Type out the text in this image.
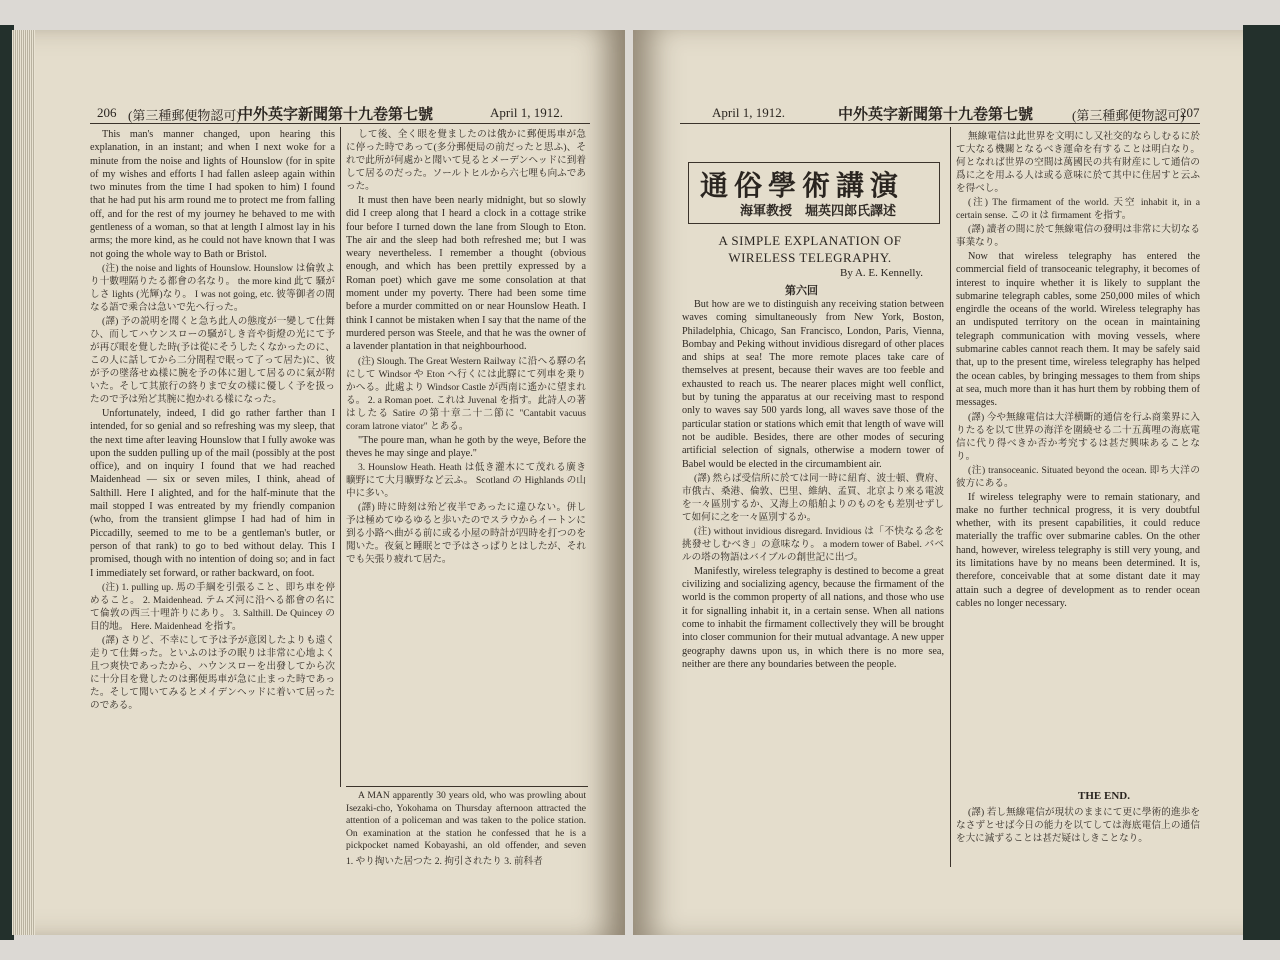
206 (第三種郵便物認可)
中外英字新聞第十九卷第七號	April 1, 1912.

This man's manner changed, upon hearing this explanation, in an instant; and when I next woke for a minute from the noise and lights of Hounslow (for in spite of my wishes and efforts I had fallen asleep again within two minutes from the time I had spoken to him) I found that he had put his arm round me to protect me from falling off, and for the rest of my journey he behaved to me with gentleness of a woman, so that at length I almost lay in his arms; the more kind, as he could not have known that I was not going the whole way to Bath or Bristol.

(注) the noise and lights of Hounslow. Hounslow は倫敦より十數哩隔りたる都會の名なり。 the more kind 此て 騒がしさ lights (光輝)なり。 I was not going, etc. 彼等御者の間なる語で乘合は急いで先へ行った。

(譯) 予の説明を聞くと急ち此人の態度が一變して仕舞ひ、而してハウンスローの騒がしき音や街燈の光にて予が再び眼を覺した時(予は從にそうしたくなかったのに、この人に話してから二分間程で眠って了って居た)に、彼が予の墜落せぬ樣に腕を予の体に廻して居るのに氣が附いた。そして其旅行の終りまで女の樣に優しく予を扱ったので予は殆ど其腕に抱かれる樣になった。

Unfortunately, indeed, I did go rather farther than I intended, for so genial and so refreshing was my sleep, that the next time after leaving Hounslow that I fully awoke was upon the sudden pulling up of the mail (possibly at the post office), and on inquiry I found that we had reached Maidenhead — six or seven miles, I think, ahead of Salthill. Here I alighted, and for the half-minute that the mail stopped I was entreated by my friendly companion (who, from the transient glimpse I had had of him in Piccadilly, seemed to me to be a gentleman's butler, or person of that rank) to go to bed without delay. This I promised, though with no intention of doing so; and in fact I immediately set forward, or rather backward, on foot.

(注) 1. pulling up. 馬の手綱を引張ること、即ち車を停めること。 2. Maidenhead. テムズ河に沿へる都會の名にて倫敦の西三十哩許りにあり。 3. Salthill. De Quincey の目的地。 Here. Maidenhead を指す。

(譯) さりど、不幸にして予は予が意図したよりも遠く走りて仕舞った。といふのは予の眠りは非常に心地よく且つ爽快であったから、ハウンスローを出發してから次に十分目を覺したのは郵便馬車が急に止まった時であった。そして聞いてみるとメイデンヘッドに着いて居ったのである。

して後、全く眼を覺ましたのは俄かに郵便馬車が急に停った時であって(多分郵便局の前だったと思ふ)、それで此所が何處かと聞いて見るとメーデンヘッドに到着して居るのだった。ソールトヒルから六七哩も向ふであった。

It must then have been nearly midnight, but so slowly did I creep along that I heard a clock in a cottage strike four before I turned down the lane from Slough to Eton. The air and the sleep had both refreshed me; but I was weary nevertheless. I remember a thought (obvious enough, and which has been prettily expressed by a Roman poet) which gave me some consolation at that moment under my poverty. There had been some time before a murder committed on or near Hounslow Heath. I think I cannot be mistaken when I say that the name of the murdered person was Steele, and that he was the owner of a lavender plantation in that neighbourhood.

(注) Slough. The Great Western Railway に沿へる驛の名にして Windsor や Eton へ行くには此驛にて列車を乗りかへる。此處より Windsor Castle が西南に遙かに望まれる。 2. a Roman poet. これは Juvenal を指す。此詩人の著はしたる Satire の第十章二十二節に "Cantabit vacuus coram latrone viator" とある。

"The poure man, whan he goth by the weye, Before the theves he may singe and playe."

3. Hounslow Heath. Heath は低き灌木にて茂れる廣き曠野にて大月曠野など云ふ。 Scotland の Highlands の山中に多い。

(譯) 時に時刻は殆ど夜半であったに違ひない。併し予は極めてゆるゆると歩いたのでスラウからイートンに到る小路へ曲がる前に或る小屋の時計が四時を打つのを聞いた。夜氣と睡眠とで予はさっぱりとはしたが、それでも矢張り疲れて居た。

A MAN apparently 30 years old, who was prowling about Isezaki-cho, Yokohama on Thursday afternoon attracted the attention of a policeman and was taken to the police station. On examination at the station he confessed that he is a pickpocket named Kobayashi, an old offender, and seven

1. やり掏いた居つた 2. 拘引されたり 3. 前科者
April 1, 1912.	中外英字新聞第十九卷第七號	(第三種郵便物認可)
207
通俗學術講演
海軍教授　堀英四郎氏譯述
A SIMPLE EXPLANATION OF
WIRELESS TELEGRAPHY.
By A. E. Kennelly.
第六回

But how are we to distinguish any receiving station between waves coming simultaneously from New York, Boston, Philadelphia, Chicago, San Francisco, London, Paris, Vienna, Bombay and Peking without invidious disregard of other places and ships at sea! The more remote places take care of themselves at present, because their waves are too feeble and exhausted to reach us. The nearer places might well conflict, but by tuning the apparatus at our receiving mast to respond only to waves say 500 yards long, all waves save those of the particular station or stations which emit that length of wave will not be audible. Besides, there are other modes of securing artificial selection of signals, otherwise a modern tower of Babel would be elected in the circumambient air.

(譯) 然らば受信所に於ては同一時に紐育、波士頓、費府、市俄古、桑港、倫敦、巴里、維納、孟買、北京より來る電波を一々區別するか、又海上の船舶よりのものをも差別せずして如何に之を一々區別するか。

(注) without invidious disregard. Invidious は「不快なる念を挑發せしむべき」の意味なり。 a modern tower of Babel. バベルの塔の物語はバイブルの創世記に出づ。

Manifestly, wireless telegraphy is destined to become a great civilizing and socializing agency, because the firmament of the world is the common property of all nations, and those who use it for signalling inhabit it, in a certain sense. When all nations come to inhabit the firmament collectively they will be brought into closer communion for their mutual advantage. A new upper geography dawns upon us, in which there is no more sea, neither are there any boundaries between the people.

無線電信は此世界を文明にし又社交的ならしむるに於て大なる機關となるべき運命を有することは明白なり。何となれば世界の空間は萬國民の共有財産にして通信の爲に之を用ふる人は或る意味に於て其中に住居すと云ふを得べし。

(注) The firmament of the world. 天空 inhabit it, in a certain sense. この it は firmament を指す。

(譯) 讀者の間に於て無線電信の發明は非常に大切なる事業なり。

Now that wireless telegraphy has entered the commercial field of transoceanic telegraphy, it becomes of interest to inquire whether it is likely to supplant the submarine telegraph cables, some 250,000 miles of which engirdle the oceans of the world. Wireless telegraphy has an undisputed territory on the ocean in maintaining telegraph communication with moving vessels, where submarine cables cannot reach them. It may be safely said that, up to the present time, wireless telegraphy has helped the ocean cables, by bringing messages to them from ships at sea, much more than it has hurt them by robbing them of messages.

(譯) 今や無線電信は大洋横斷的通信を行ふ商業界に入りたるを以て世界の海洋を圍繞せる二十五萬哩の海底電信に代り得べきか否か考究するは甚だ興味あることなり。

(注) transoceanic. Situated beyond the ocean. 即ち大洋の彼方にある。

If wireless telegraphy were to remain stationary, and make no further technical progress, it is very doubtful whether, with its present capabilities, it could reduce materially the traffic over submarine cables. On the other hand, however, wireless telegraphy is still very young, and its limitations have by no means been determined. It is, therefore, conceivable that at some distant date it may attain such a degree of development as to render ocean cables no longer necessary.

THE END.

(譯) 若し無線電信が現状のままにて更に學術的進歩をなさずとせば今日の能力を以てしては海底電信上の通信を大に減ずることは甚だ疑はしきことなり。
